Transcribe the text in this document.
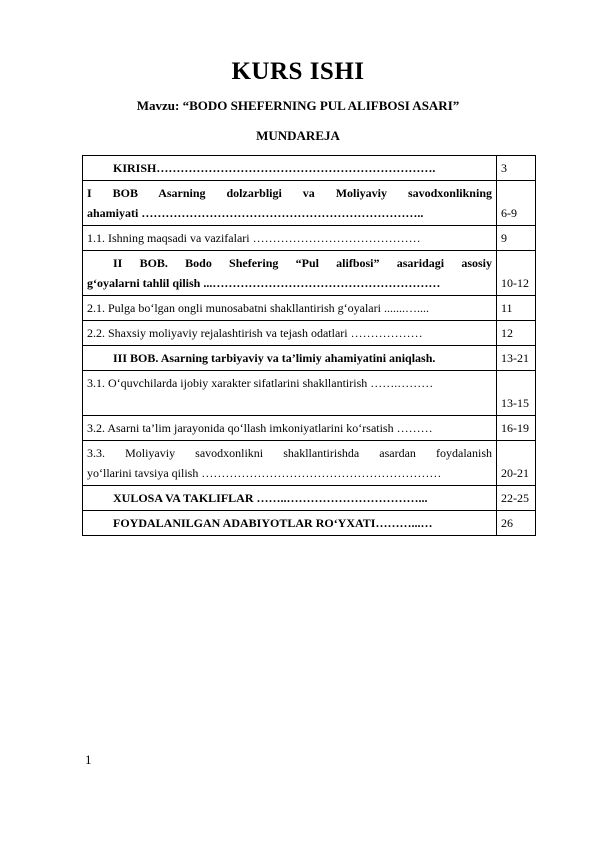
KURS ISHI
Mavzu: “BODO SHEFERNING PUL ALIFBOSI ASARI”
MUNDAREJA
KIRISH…………………………………………………………….	3

I BOB Asarning dolzarbligi va Moliyaviy savodxonlikning
ahamiyati ……………………………………………………………..	6-9
1.1. Ishning maqsadi va vazifalari ……………………………………	9

II BOB. Bodo Shefering “Pul alifbosi” asaridagi asosiy
g‘oyalarni tahlil qilish ...…………………………………………………	10-12
2.1. Pulga bo‘lgan ongli munosabatni shakllantirish g‘oyalari .......…....	11
2.2. Shaxsiy moliyaviy rejalashtirish va tejash odatlari ………………	12
III BOB. Asarning tarbiyaviy va ta’limiy ahamiyatini aniqlash.	13-21

3.1. O‘quvchilarda ijobiy xarakter sifatlarini shakllantirish …….………	13-15
3.2. Asarni ta’lim jarayonida qo‘llash imkoniyatlarini ko‘rsatish ………	16-19

3.3. Moliyaviy savodxonlikni shakllantirishda asardan foydalanish
yo‘llarini tavsiya qilish ……………………………………………………	20-21
XULOSA VA TAKLIFLAR ……..……………………………...	22-25
FOYDALANILGAN ADABIYOTLAR RO‘YXATI………...…	26
1
